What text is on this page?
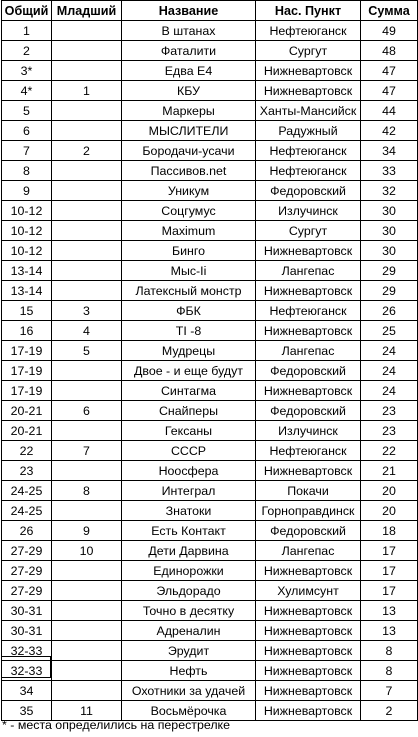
Общий	Младший	Название	Нас. Пункт	Сумма
1		В штанах	Нефтеюганск	49
2		Фаталити	Сургут	48
3*		Едва Е4	Нижневартовск	47
4*	1	КБУ	Нижневартовск	47
5		Маркеры	Ханты-Мансийск	44
6		МЫСЛИТЕЛИ	Радужный	42
7	2	Бородачи-усачи	Нефтеюганск	34
8		Пассивов.net	Нефтеюганск	33
9		Уникум	Федоровский	32
10-12		Соцгумус	Излучинск	30
10-12		Maximum	Сургут	30
10-12		Бинго	Нижневартовск	30
13-14		Мыс-Ii	Лангепас	29
13-14		Латексный монстр	Нижневартовск	29
15	3	ФБК	Нефтеюганск	26
16	4	TI -8	Нижневартовск	25
17-19	5	Мудрецы	Лангепас	24
17-19		Двое - и еще будут	Федоровский	24
17-19		Синтагма	Нижневартовск	24
20-21	6	Снайперы	Федоровский	23
20-21		Гексаны	Излучинск	23
22	7	СССР	Нефтеюганск	22
23		Ноосфера	Нижневартовск	21
24-25	8	Интеграл	Покачи	20
24-25		Знатоки	Горноправдинск	20
26	9	Есть Контакт	Федоровский	18
27-29	10	Дети Дарвина	Лангепас	17
27-29		Единорожки	Нижневартовск	17
27-29		Эльдорадо	Хулимсунт	17
30-31		Точно в десятку	Нижневартовск	13
30-31		Адреналин	Нижневартовск	13
32-33		Эрудит	Нижневартовск	8
32-33		Нефть	Нижневартовск	8
34		Охотники за удачей	Нижневартовск	7
35	11	Восьмёрочка	Нижневартовск	2
* - места определились на перестрелке
